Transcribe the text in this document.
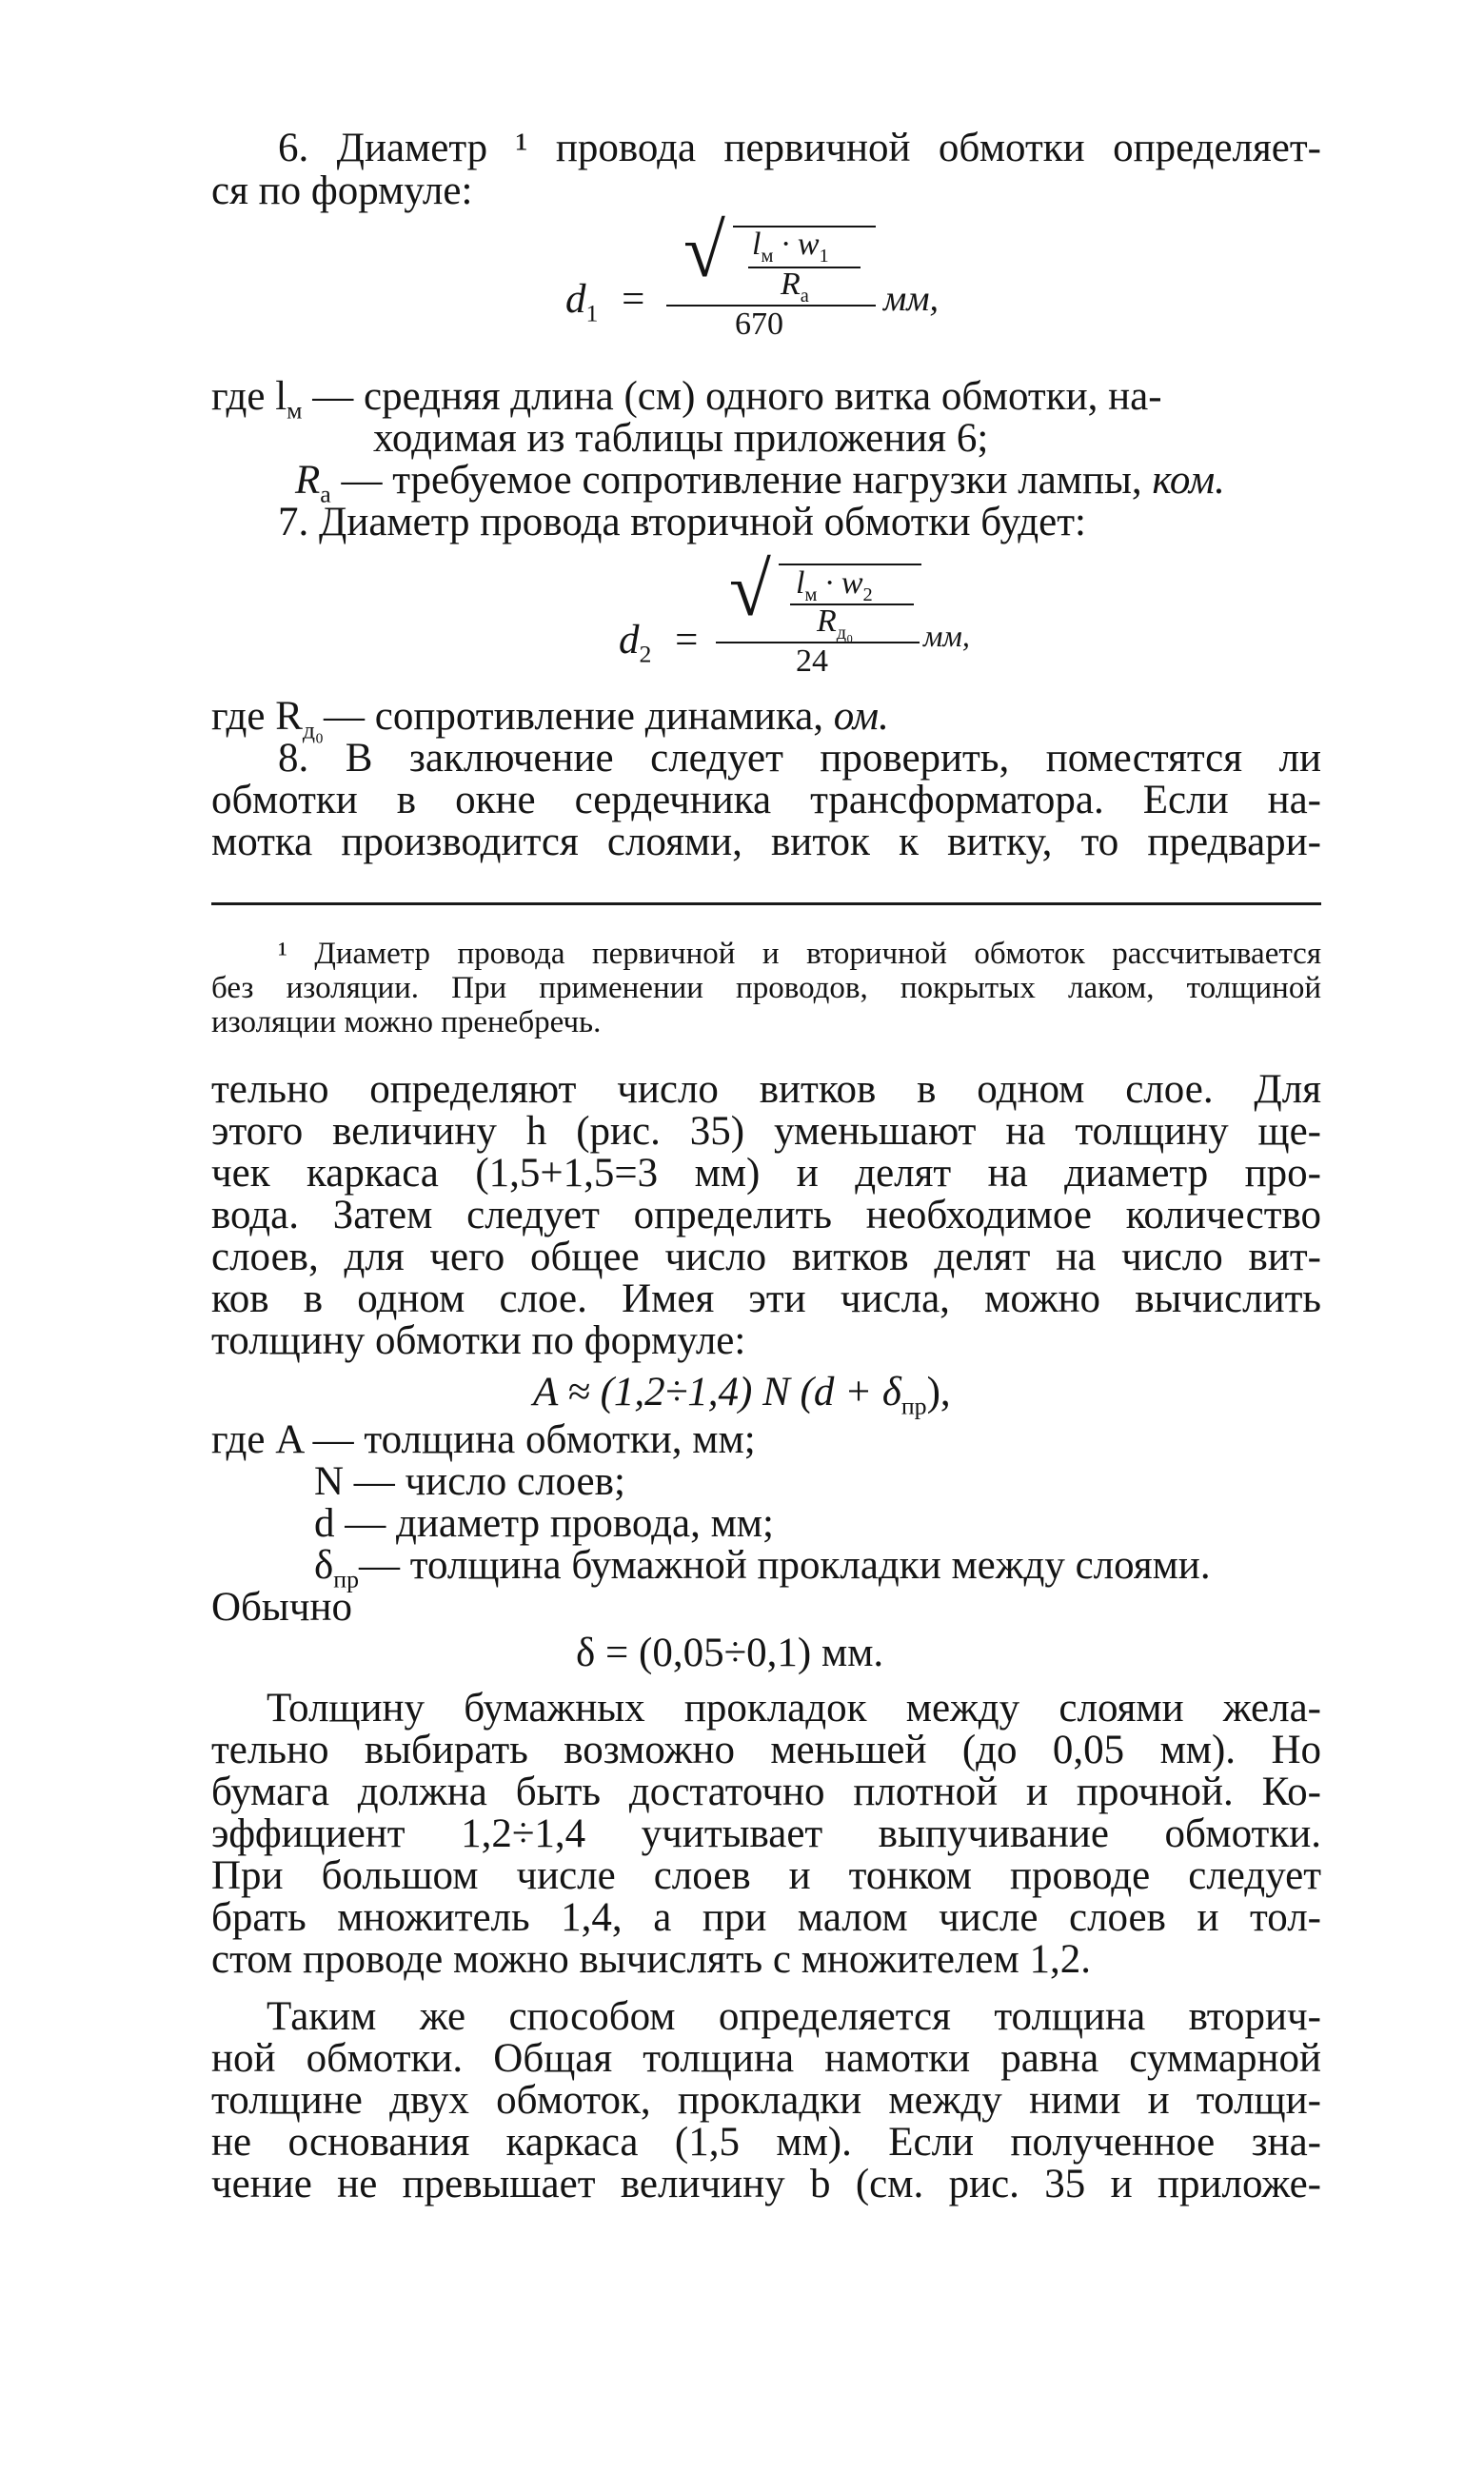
6. Диаметр ¹ провода первичной обмотки определяет-
ся по формуле:
$d_1$ =
√ $l_м \cdot w_1$
$R_а$
670
мм,
где $l_м$ — средняя длина (см) одного витка обмотки, на-
ходимая из таблицы приложения 6;
$R_а$ — требуемое сопротивление нагрузки лампы, ком.
7. Диаметр провода вторичной обмотки будет:
$d_2$ =
√ $l_м \cdot w_2$
$R_{д_0}$
24
мм,
где $R_{д_0}—$ сопротивление динамика, ом.
8. В заключение следует проверить, поместятся ли
обмотки в окне сердечника трансформатора. Если на-
мотка производится слоями, виток к витку, то предвари-
¹ Диаметр провода первичной и вторичной обмоток рассчитывается
без изоляции. При применении проводов, покрытых лаком, толщиной
изоляции можно пренебречь.
тельно определяют число витков в одном слое. Для
этого величину h (рис. 35) уменьшают на толщину ще-
чек каркаса (1,5+1,5=3 мм) и делят на диаметр про-
вода. Затем следует определить необходимое количество
слоев, для чего общее число витков делят на число вит-
ков в одном слое. Имея эти числа, можно вычислить
толщину обмотки по формуле:
A ≈ (1,2÷1,4) N $(d + \delta_{пр})$,
где A — толщина обмотки, мм;
N — число слоев;
d — диаметр провода, мм;
$\delta_{пр}—$ толщина бумажной прокладки между слоями.
Обычно
δ = (0,05÷0,1) мм.
Толщину бумажных прокладок между слоями жела-
тельно выбирать возможно меньшей (до 0,05 мм). Но
бумага должна быть достаточно плотной и прочной. Ко-
эффициент 1,2÷1,4 учитывает выпучивание обмотки.
При большом числе слоев и тонком проводе следует
брать множитель 1,4, а при малом числе слоев и тол-
стом проводе можно вычислять с множителем 1,2.
Таким же способом определяется толщина вторич-
ной обмотки. Общая толщина намотки равна суммарной
толщине двух обмоток, прокладки между ними и толщи-
не основания каркаса (1,5 мм). Если полученное зна-
чение не превышает величину b (см. рис. 35 и приложе-
